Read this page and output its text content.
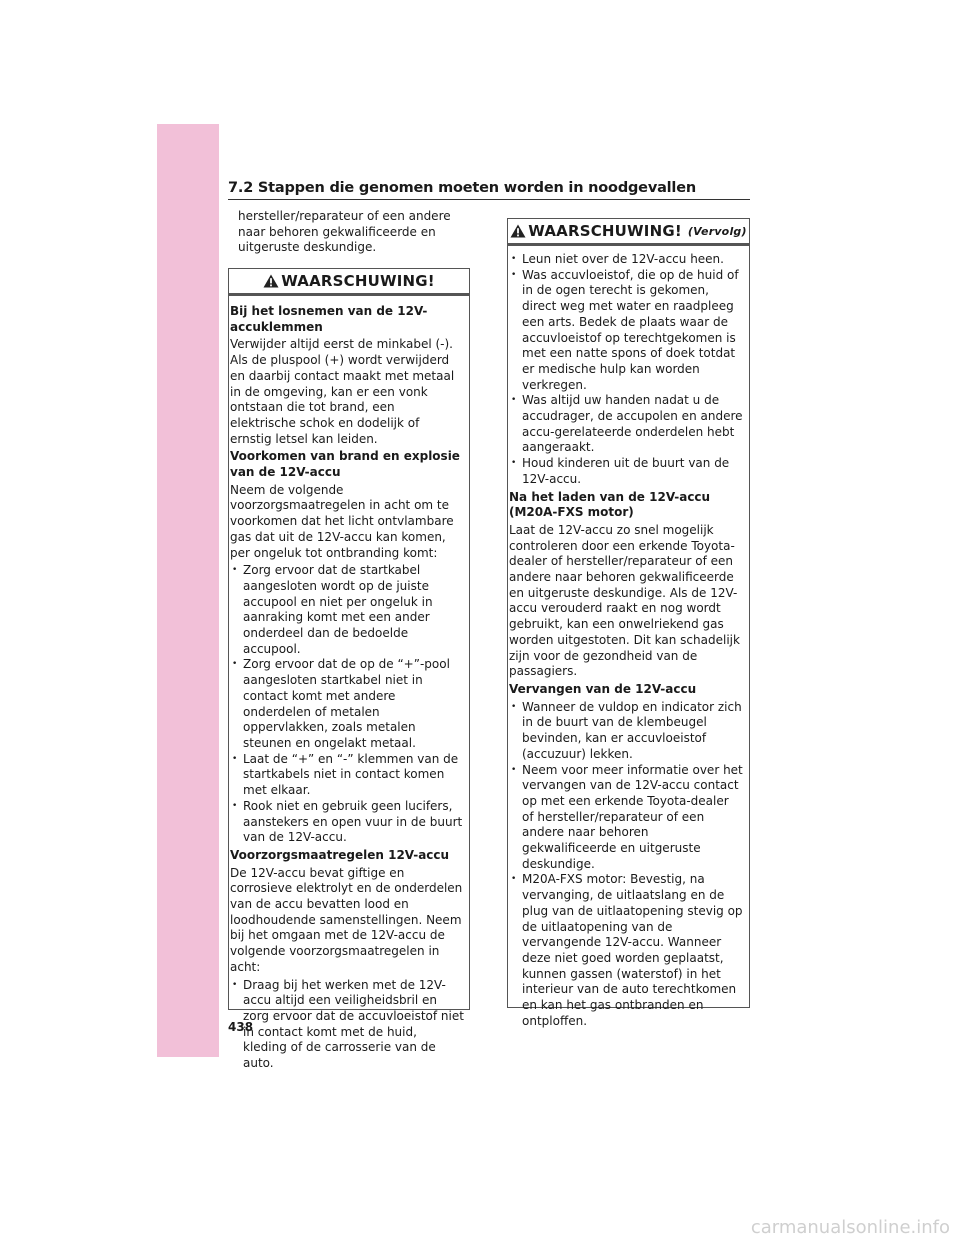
7.2 Stappen die genomen moeten worden in noodgevallen
hersteller/reparateur of een andere naar behoren gekwalificeerde en uitgeruste deskundige.
WAARSCHUWING!
Bij het losnemen van de 12V-accuklemmen

Verwijder altijd eerst de minkabel (-). Als de pluspool (+) wordt verwijderd en daarbij contact maakt met metaal in de omgeving, kan er een vonk ontstaan die tot brand, een elektrische schok en dodelijk of ernstig letsel kan leiden.

Voorkomen van brand en explosie van de 12V-accu

Neem de volgende voorzorgsmaatregelen in acht om te voorkomen dat het licht ontvlambare gas dat uit de 12V-accu kan komen, per ongeluk tot ontbranding komt:

• Zorg ervoor dat de startkabel aangesloten wordt op de juiste accupool en niet per ongeluk in aanraking komt met een ander onderdeel dan de bedoelde accupool.
• Zorg ervoor dat de op de “+”-pool aangesloten startkabel niet in contact komt met andere onderdelen of metalen oppervlakken, zoals metalen steunen en ongelakt metaal.
• Laat de “+” en “-” klemmen van de startkabels niet in contact komen met elkaar.
• Rook niet en gebruik geen lucifers, aanstekers en open vuur in de buurt van de 12V-accu.
Voorzorgsmaatregelen 12V-accu

De 12V-accu bevat giftige en corrosieve elektrolyt en de onderdelen van de accu bevatten lood en loodhoudende samenstellingen. Neem bij het omgaan met de 12V-accu de volgende voorzorgsmaatregelen in acht:

• Draag bij het werken met de 12V-accu altijd een veiligheidsbril en zorg ervoor dat de accuvloeistof niet in contact komt met de huid, kleding of de carrosserie van de auto.
WAARSCHUWING! (Vervolg)
• Leun niet over de 12V-accu heen.
• Was accuvloeistof, die op de huid of in de ogen terecht is gekomen, direct weg met water en raadpleeg een arts. Bedek de plaats waar de accuvloeistof op terechtgekomen is met een natte spons of doek totdat er medische hulp kan worden verkregen.
• Was altijd uw handen nadat u de accudrager, de accupolen en andere accu-gerelateerde onderdelen hebt aangeraakt.
• Houd kinderen uit de buurt van de 12V-accu.
Na het laden van de 12V-accu (M20A-FXS motor)

Laat de 12V-accu zo snel mogelijk controleren door een erkende Toyota-dealer of hersteller/reparateur of een andere naar behoren gekwalificeerde en uitgeruste deskundige. Als de 12V-accu verouderd raakt en nog wordt gebruikt, kan een onwelriekend gas worden uitgestoten. Dit kan schadelijk zijn voor de gezondheid van de passagiers.

Vervangen van de 12V-accu
• Wanneer de vuldop en indicator zich in de buurt van de klembeugel bevinden, kan er accuvloeistof (accuzuur) lekken.
• Neem voor meer informatie over het vervangen van de 12V-accu contact op met een erkende Toyota-dealer of hersteller/reparateur of een andere naar behoren gekwalificeerde en uitgeruste deskundige.
• M20A-FXS motor: Bevestig, na vervanging, de uitlaatslang en de plug van de uitlaatopening stevig op de uitlaatopening van de vervangende 12V-accu. Wanneer deze niet goed worden geplaatst, kunnen gassen (waterstof) in het interieur van de auto terechtkomen en kan het gas ontbranden en ontploffen.
438
carmanualsonline.info
